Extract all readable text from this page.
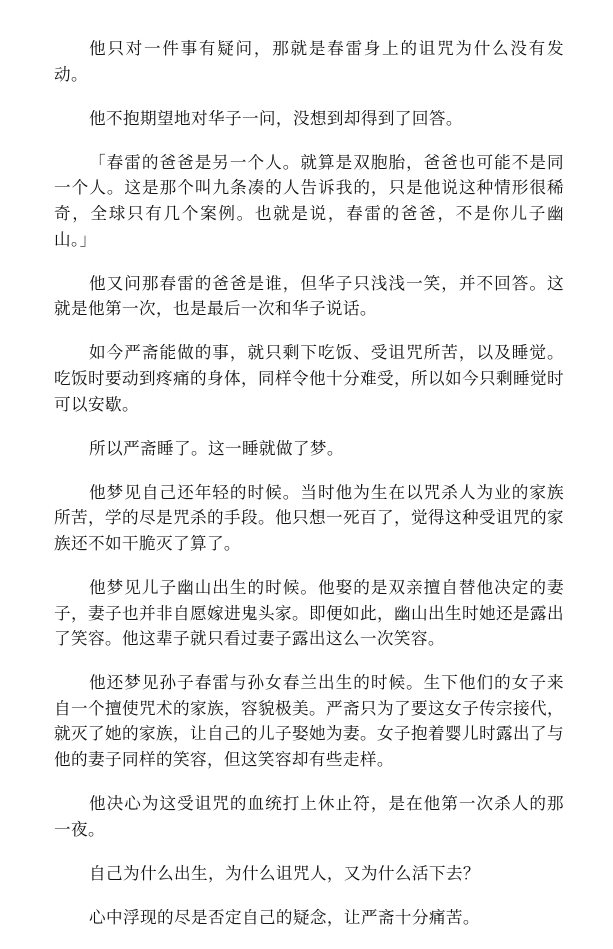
他只对一件事有疑问，那就是春雷身上的诅咒为什么没有发动。

他不抱期望地对华子一问，没想到却得到了回答。

「春雷的爸爸是另一个人。就算是双胞胎，爸爸也可能不是同一个人。这是那个叫九条凑的人告诉我的，只是他说这种情形很稀奇，全球只有几个案例。也就是说，春雷的爸爸，不是你儿子幽山。」

他又问那春雷的爸爸是谁，但华子只浅浅一笑，并不回答。这就是他第一次，也是最后一次和华子说话。

如今严斋能做的事，就只剩下吃饭、受诅咒所苦，以及睡觉。吃饭时要动到疼痛的身体，同样令他十分难受，所以如今只剩睡觉时可以安歇。

所以严斋睡了。这一睡就做了梦。

他梦见自己还年轻的时候。当时他为生在以咒杀人为业的家族所苦，学的尽是咒杀的手段。他只想一死百了，觉得这种受诅咒的家族还不如干脆灭了算了。

他梦见儿子幽山出生的时候。他娶的是双亲擅自替他决定的妻子，妻子也并非自愿嫁进鬼头家。即便如此，幽山出生时她还是露出了笑容。他这辈子就只看过妻子露出这么一次笑容。

他还梦见孙子春雷与孙女春兰出生的时候。生下他们的女子来自一个擅使咒术的家族，容貌极美。严斋只为了要这女子传宗接代，就灭了她的家族，让自己的儿子娶她为妻。女子抱着婴儿时露出了与他的妻子同样的笑容，但这笑容却有些走样。

他决心为这受诅咒的血统打上休止符，是在他第一次杀人的那一夜。

自己为什么出生，为什么诅咒人，又为什么活下去？

心中浮现的尽是否定自己的疑念，让严斋十分痛苦。
